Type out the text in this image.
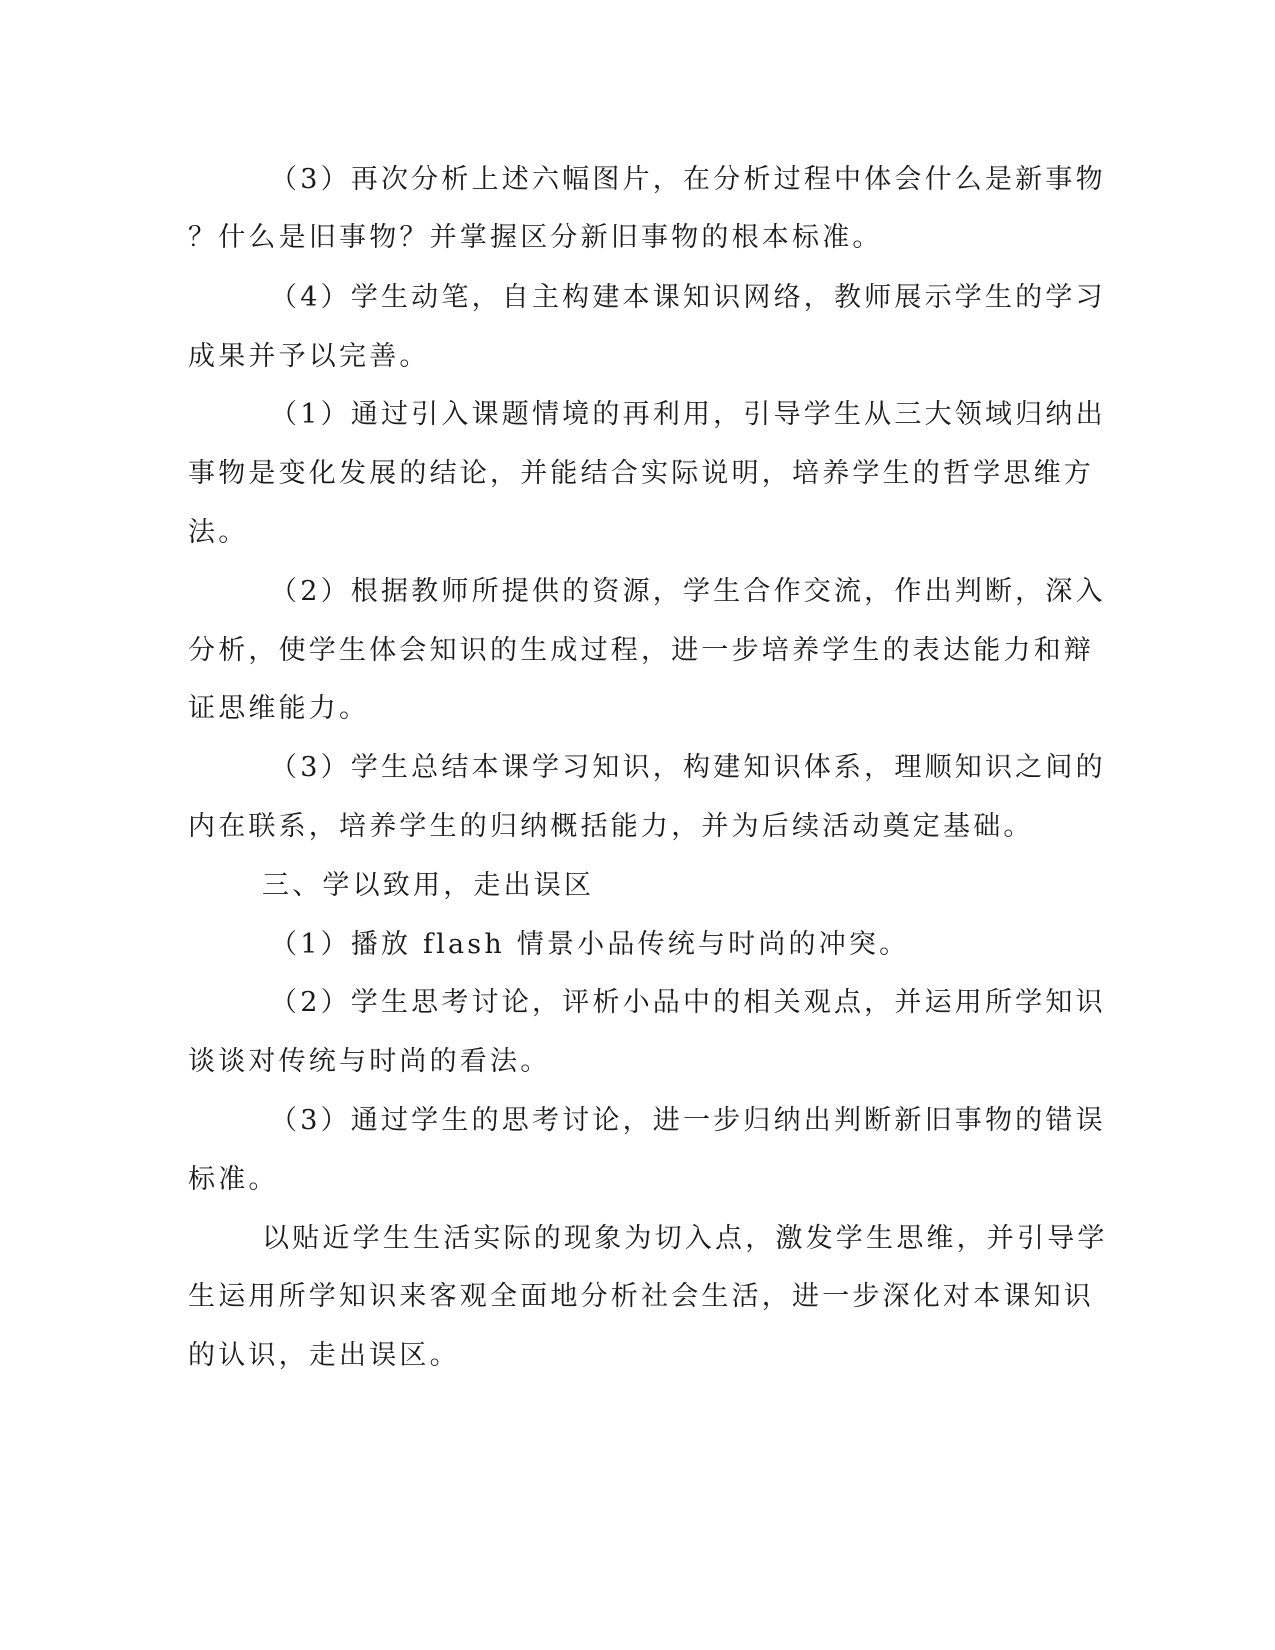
（3）再次分析上述六幅图片，在分析过程中体会什么是新事物

？什么是旧事物？并掌握区分新旧事物的根本标准。

（4）学生动笔，自主构建本课知识网络，教师展示学生的学习

成果并予以完善。

（1）通过引入课题情境的再利用，引导学生从三大领域归纳出

事物是变化发展的结论，并能结合实际说明，培养学生的哲学思维方

法。

（2）根据教师所提供的资源，学生合作交流，作出判断，深入

分析，使学生体会知识的生成过程，进一步培养学生的表达能力和辩

证思维能力。

（3）学生总结本课学习知识，构建知识体系，理顺知识之间的

内在联系，培养学生的归纳概括能力，并为后续活动奠定基础。

三、学以致用，走出误区

（1）播放 flash 情景小品传统与时尚的冲突。

（2）学生思考讨论，评析小品中的相关观点，并运用所学知识

谈谈对传统与时尚的看法。

（3）通过学生的思考讨论，进一步归纳出判断新旧事物的错误

标准。

以贴近学生生活实际的现象为切入点，激发学生思维，并引导学

生运用所学知识来客观全面地分析社会生活，进一步深化对本课知识

的认识，走出误区。
